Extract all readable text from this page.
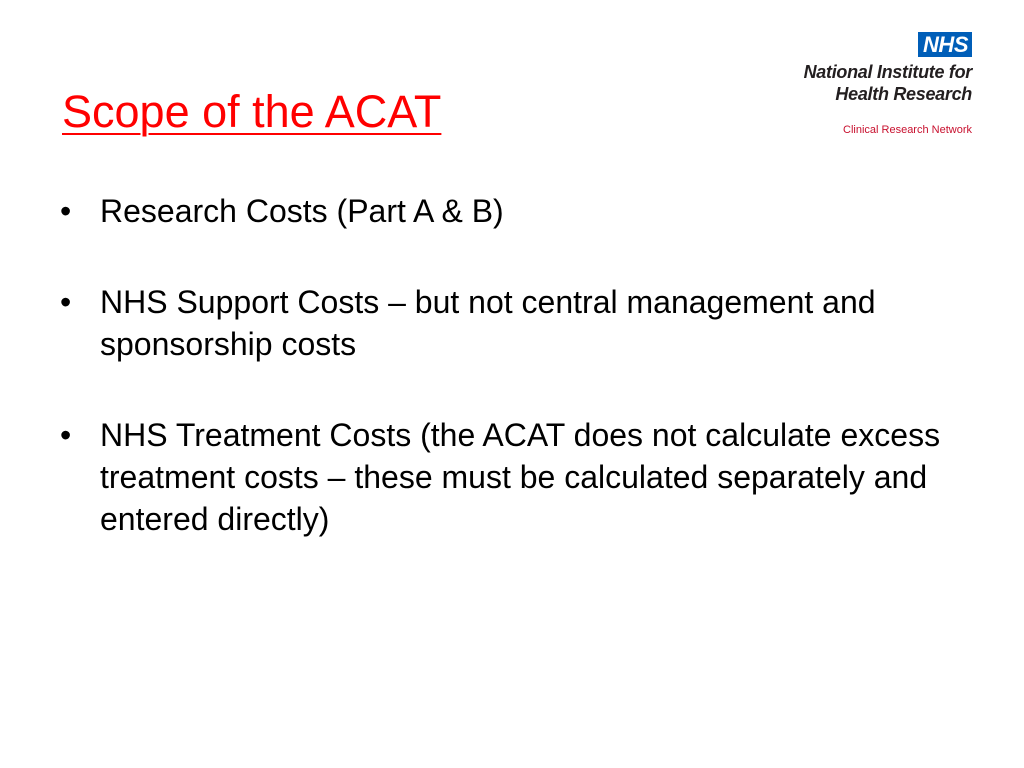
Scope of the ACAT
NHS
National Institute for
Health Research
Clinical Research Network
• Research Costs (Part A & B)
• NHS Support Costs – but not central management and sponsorship costs
• NHS Treatment Costs (the ACAT does not calculate excess treatment costs – these must be calculated separately and entered directly)
